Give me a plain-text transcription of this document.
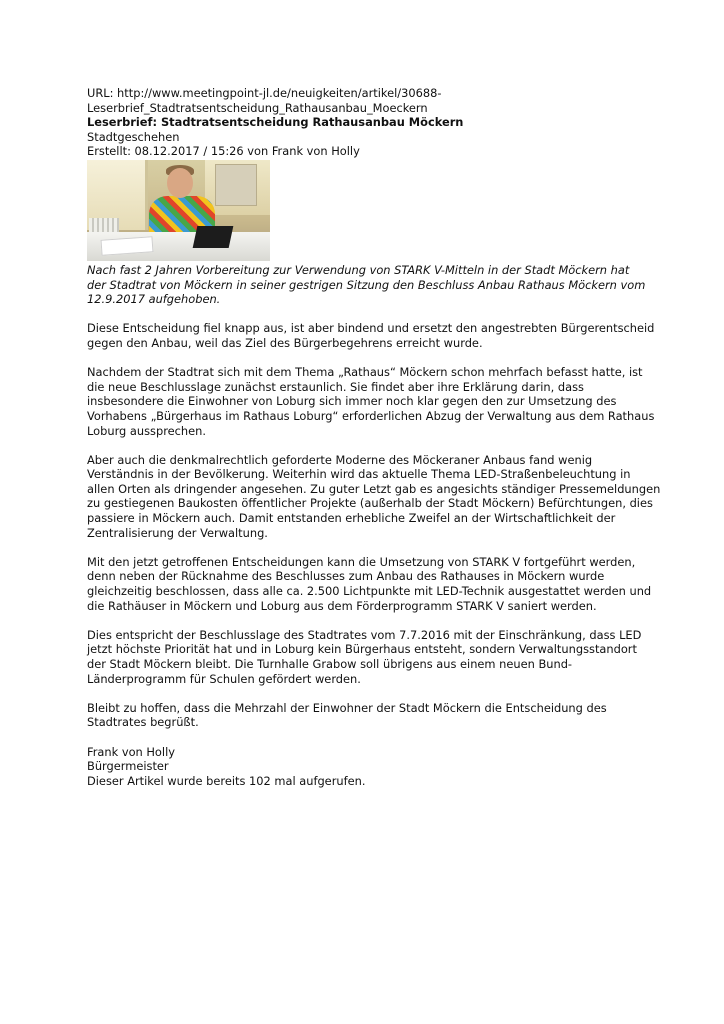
URL: http://www.meetingpoint-jl.de/neuigkeiten/artikel/30688-
Leserbrief_Stadtratsentscheidung_Rathausanbau_Moeckern
Leserbrief: Stadtratsentscheidung Rathausanbau Möckern
Stadtgeschehen
Erstellt: 08.12.2017 / 15:26 von Frank von Holly

Nach fast 2 Jahren Vorbereitung zur Verwendung von STARK V-Mitteln in der Stadt Möckern hat
der Stadtrat von Möckern in seiner gestrigen Sitzung den Beschluss Anbau Rathaus Möckern vom
12.9.2017 aufgehoben.

Diese Entscheidung fiel knapp aus, ist aber bindend und ersetzt den angestrebten Bürgerentscheid
gegen den Anbau, weil das Ziel des Bürgerbegehrens erreicht wurde.

Nachdem der Stadtrat sich mit dem Thema „Rathaus“ Möckern schon mehrfach befasst hatte, ist
die neue Beschlusslage zunächst erstaunlich. Sie findet aber ihre Erklärung darin, dass
insbesondere die Einwohner von Loburg sich immer noch klar gegen den zur Umsetzung des
Vorhabens „Bürgerhaus im Rathaus Loburg“ erforderlichen Abzug der Verwaltung aus dem Rathaus
Loburg aussprechen.

Aber auch die denkmalrechtlich geforderte Moderne des Möckeraner Anbaus fand wenig
Verständnis in der Bevölkerung. Weiterhin wird das aktuelle Thema LED-Straßenbeleuchtung in
allen Orten als dringender angesehen. Zu guter Letzt gab es angesichts ständiger Pressemeldungen
zu gestiegenen Baukosten öffentlicher Projekte (außerhalb der Stadt Möckern) Befürchtungen, dies
passiere in Möckern auch. Damit entstanden erhebliche Zweifel an der Wirtschaftlichkeit der
Zentralisierung der Verwaltung.

Mit den jetzt getroffenen Entscheidungen kann die Umsetzung von STARK V fortgeführt werden,
denn neben der Rücknahme des Beschlusses zum Anbau des Rathauses in Möckern wurde
gleichzeitig beschlossen, dass alle ca. 2.500 Lichtpunkte mit LED-Technik ausgestattet werden und
die Rathäuser in Möckern und Loburg aus dem Förderprogramm STARK V saniert werden.

Dies entspricht der Beschlusslage des Stadtrates vom 7.7.2016 mit der Einschränkung, dass LED
jetzt höchste Priorität hat und in Loburg kein Bürgerhaus entsteht, sondern Verwaltungsstandort
der Stadt Möckern bleibt. Die Turnhalle Grabow soll übrigens aus einem neuen Bund-
Länderprogramm für Schulen gefördert werden.

Bleibt zu hoffen, dass die Mehrzahl der Einwohner der Stadt Möckern die Entscheidung des
Stadtrates begrüßt.

Frank von Holly
Bürgermeister
Dieser Artikel wurde bereits 102 mal aufgerufen.
